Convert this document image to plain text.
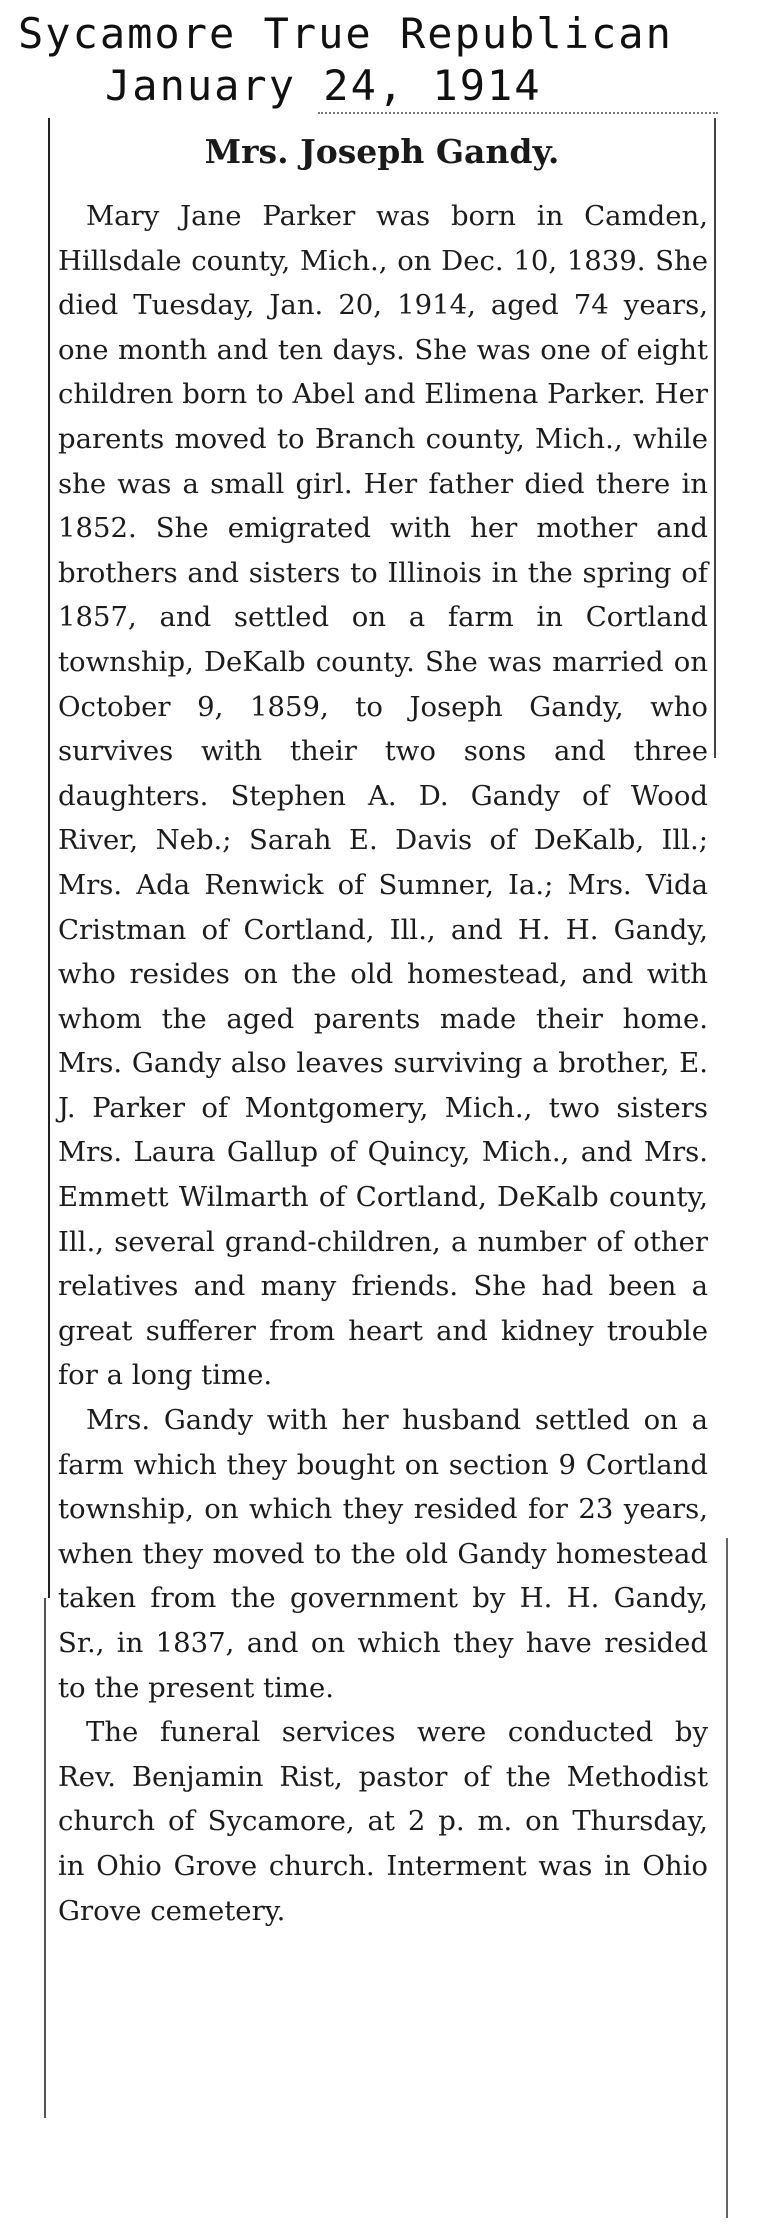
Sycamore True Republican
January 24, 1914
Mrs. Joseph Gandy.

Mary Jane Parker was born in Camden, Hillsdale county, Mich., on Dec. 10, 1839. She died Tuesday, Jan. 20, 1914, aged 74 years, one month and ten days. She was one of eight children born to Abel and Elimena Parker. Her parents moved to Branch county, Mich., while she was a small girl. Her father died there in 1852. She emigrated with her mother and brothers and sisters to Illinois in the spring of 1857, and settled on a farm in Cortland township, DeKalb county. She was married on October 9, 1859, to Joseph Gandy, who survives with their two sons and three daughters. Stephen A. D. Gandy of Wood River, Neb.; Sarah E. Davis of DeKalb, Ill.; Mrs. Ada Renwick of Sumner, Ia.; Mrs. Vida Cristman of Cortland, Ill., and H. H. Gandy, who resides on the old homestead, and with whom the aged parents made their home. Mrs. Gandy also leaves surviving a brother, E. J. Parker of Montgomery, Mich., two sisters Mrs. Laura Gallup of Quincy, Mich., and Mrs. Emmett Wilmarth of Cortland, DeKalb county, Ill., several grand-children, a number of other relatives and many friends. She had been a great sufferer from heart and kidney trouble for a long time.

Mrs. Gandy with her husband settled on a farm which they bought on section 9 Cortland township, on which they resided for 23 years, when they moved to the old Gandy homestead taken from the government by H. H. Gandy, Sr., in 1837, and on which they have resided to the present time.

The funeral services were conducted by Rev. Benjamin Rist, pastor of the Methodist church of Sycamore, at 2 p. m. on Thursday, in Ohio Grove church. Interment was in Ohio Grove cemetery.
